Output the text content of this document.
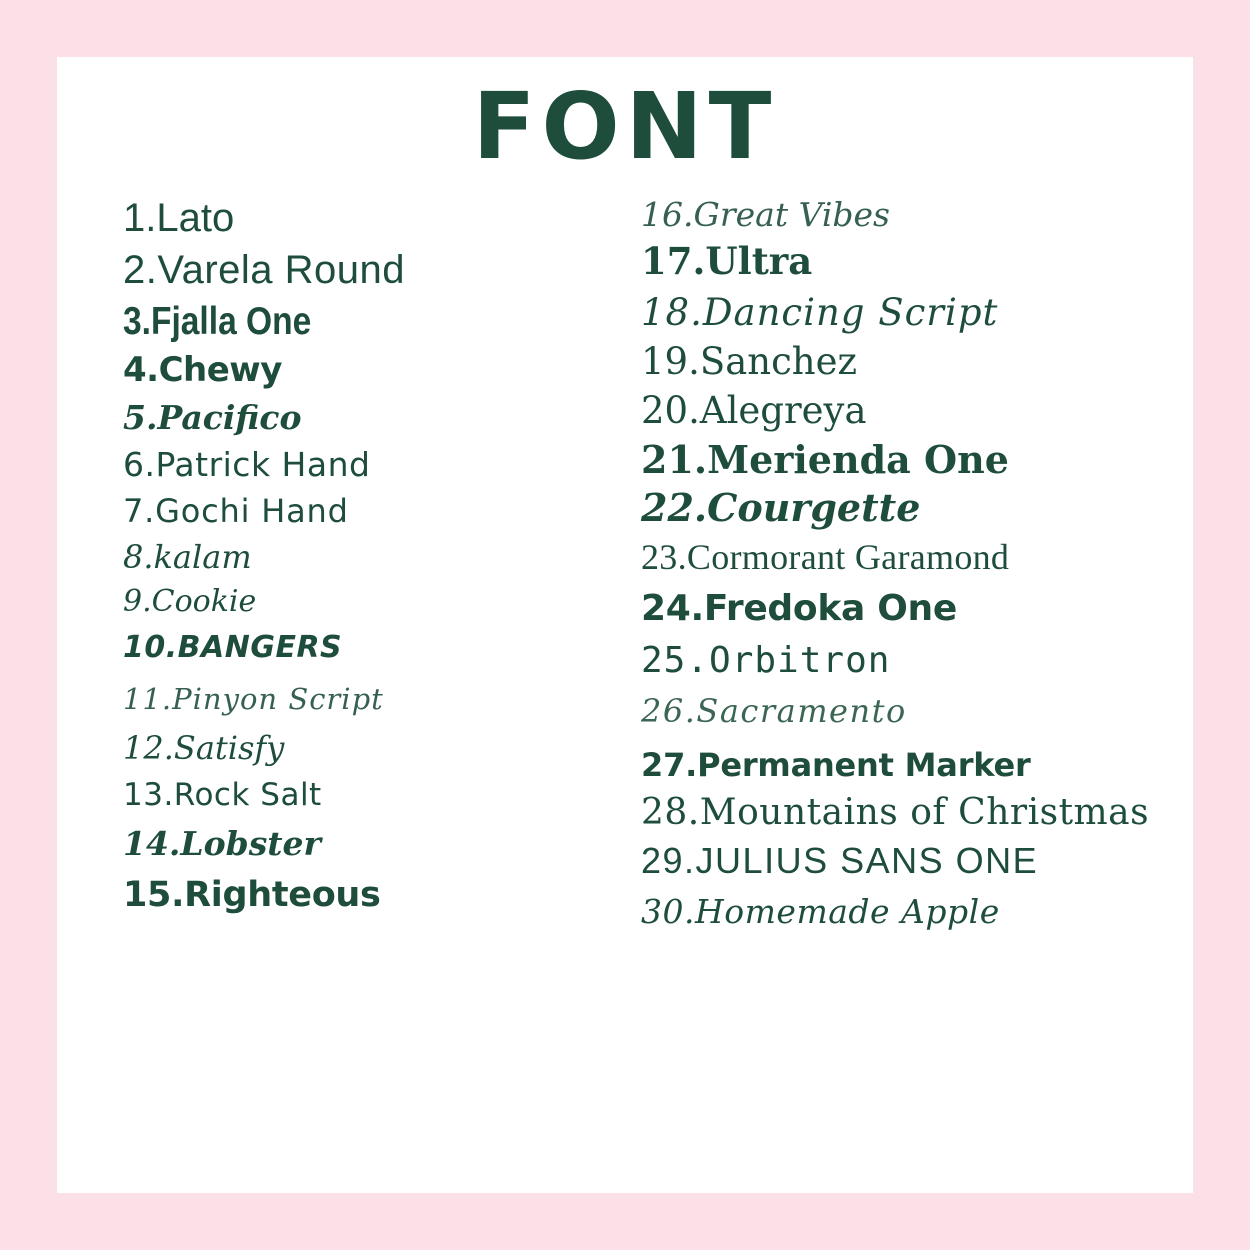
FONT
1.Lato
2.Varela Round
3.Fjalla One
4.Chewy
5.Pacifico
6.Patrick Hand
7.Gochi Hand
8.kalam
9.Cookie
10.BANGERS
11.Pinyon Script
12.Satisfy
13.Rock Salt
14.Lobster
15.Righteous
16.Great Vibes
17.Ultra
18.Dancing Script
19.Sanchez
20.Alegreya
21.Merienda One
22.Courgette
23.Cormorant Garamond
24.Fredoka One
25.Orbitron
26.Sacramento
27.Permanent Marker
28.Mountains of Christmas
29.JULIUS SANS ONE
30.Homemade Apple
